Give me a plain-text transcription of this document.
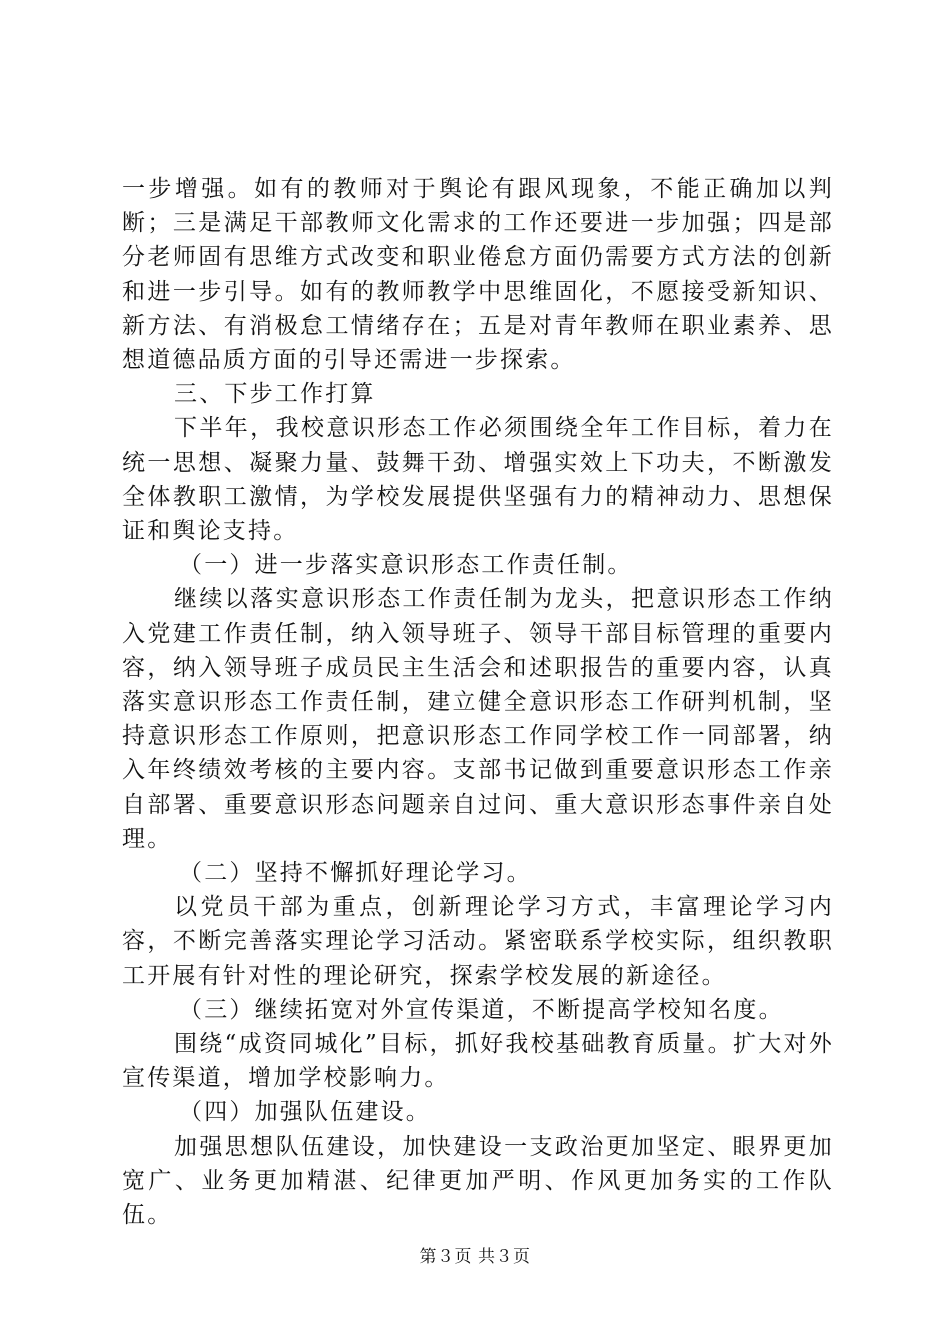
一步增强。如有的教师对于舆论有跟风现象，不能正确加以判断；三是满足干部教师文化需求的工作还要进一步加强；四是部分老师固有思维方式改变和职业倦怠方面仍需要方式方法的创新和进一步引导。如有的教师教学中思维固化，不愿接受新知识、新方法、有消极怠工情绪存在；五是对青年教师在职业素养、思想道德品质方面的引导还需进一步探索。

三、下步工作打算

下半年，我校意识形态工作必须围绕全年工作目标，着力在统一思想、凝聚力量、鼓舞干劲、增强实效上下功夫，不断激发全体教职工激情，为学校发展提供坚强有力的精神动力、思想保证和舆论支持。

（一）进一步落实意识形态工作责任制。

继续以落实意识形态工作责任制为龙头，把意识形态工作纳入党建工作责任制，纳入领导班子、领导干部目标管理的重要内容，纳入领导班子成员民主生活会和述职报告的重要内容，认真落实意识形态工作责任制，建立健全意识形态工作研判机制，坚持意识形态工作原则，把意识形态工作同学校工作一同部署，纳入年终绩效考核的主要内容。支部书记做到重要意识形态工作亲自部署、重要意识形态问题亲自过问、重大意识形态事件亲自处理。

（二）坚持不懈抓好理论学习。

以党员干部为重点，创新理论学习方式，丰富理论学习内容，不断完善落实理论学习活动。紧密联系学校实际，组织教职工开展有针对性的理论研究，探索学校发展的新途径。

（三）继续拓宽对外宣传渠道，不断提高学校知名度。

围绕“成资同城化”目标，抓好我校基础教育质量。扩大对外宣传渠道，增加学校影响力。

（四）加强队伍建设。

加强思想队伍建设，加快建设一支政治更加坚定、眼界更加宽广、业务更加精湛、纪律更加严明、作风更加务实的工作队伍。

第３页 共３页
